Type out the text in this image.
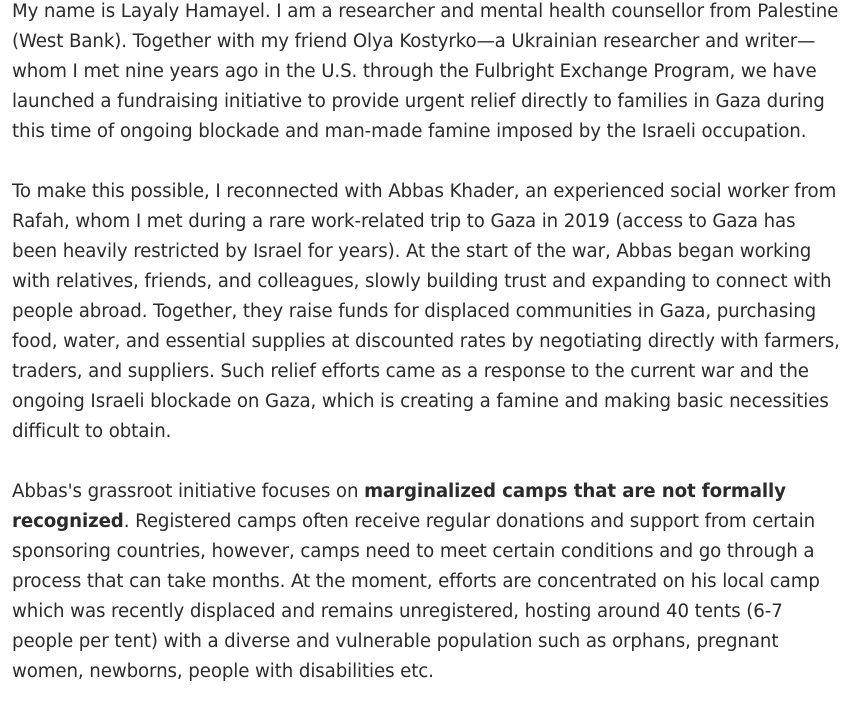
My name is Layaly Hamayel. I am a researcher and mental health counsellor from Palestine (West Bank). Together with my friend Olya Kostyrko—a Ukrainian researcher and writer—whom I met nine years ago in the U.S. through the Fulbright Exchange Program, we have launched a fundraising initiative to provide urgent relief directly to families in Gaza during this time of ongoing blockade and man-made famine imposed by the Israeli occupation.

To make this possible, I reconnected with Abbas Khader, an experienced social worker from Rafah, whom I met during a rare work-related trip to Gaza in 2019 (access to Gaza has been heavily restricted by Israel for years). At the start of the war, Abbas began working with relatives, friends, and colleagues, slowly building trust and expanding to connect with people abroad. Together, they raise funds for displaced communities in Gaza, purchasing food, water, and essential supplies at discounted rates by negotiating directly with farmers, traders, and suppliers. Such relief efforts came as a response to the current war and the ongoing Israeli blockade on Gaza, which is creating a famine and making basic necessities difficult to obtain.

Abbas's grassroot initiative focuses on marginalized camps that are not formally recognized. Registered camps often receive regular donations and support from certain sponsoring countries, however, camps need to meet certain conditions and go through a process that can take months. At the moment, efforts are concentrated on his local camp which was recently displaced and remains unregistered, hosting around 40 tents (6-7 people per tent) with a diverse and vulnerable population such as orphans, pregnant women, newborns, people with disabilities etc.
